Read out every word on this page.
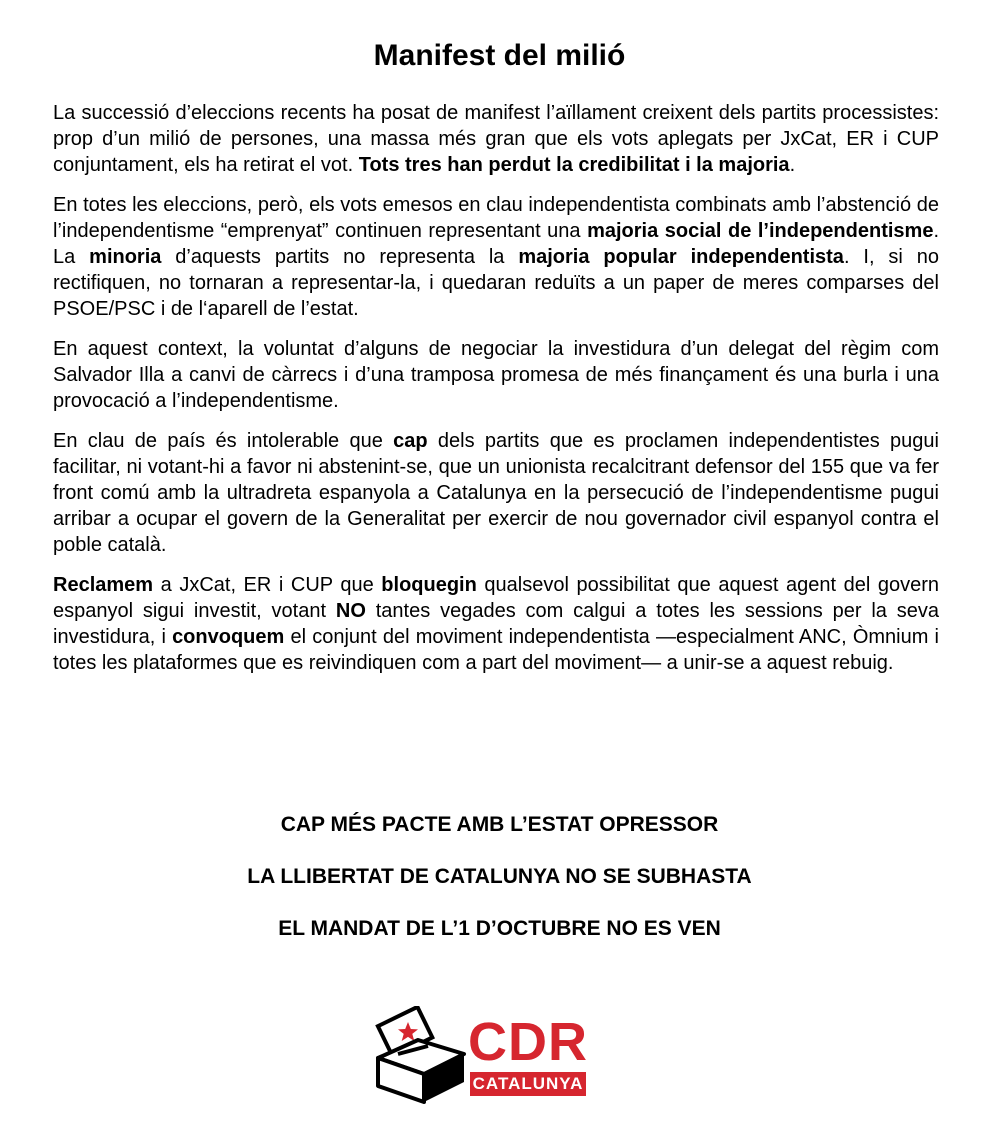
Manifest del milió

La successió d’eleccions recents ha posat de manifest l’aïllament creixent dels partits processistes: prop d’un milió de persones, una massa més gran que els vots aplegats per JxCat, ER i CUP conjuntament, els ha retirat el vot. Tots tres han perdut la credibilitat i la majoria.

En totes les eleccions, però, els vots emesos en clau independentista combinats amb l’abstenció de l’independentisme “emprenyat” continuen representant una majoria social de l’independentisme. La minoria d’aquests partits no representa la majoria popular independentista. I, si no rectifiquen, no tornaran a representar-la, i quedaran reduïts a un paper de meres comparses del PSOE/PSC i de l‘aparell de l’estat.

En aquest context, la voluntat d’alguns de negociar la investidura d’un delegat del règim com Salvador Illa a canvi de càrrecs i d’una tramposa promesa de més finançament és una burla i una provocació a l’independentisme.

En clau de país és intolerable que cap dels partits que es proclamen independentistes pugui facilitar, ni votant-hi a favor ni abstenint-se, que un unionista recalcitrant defensor del 155 que va fer front comú amb la ultradreta espanyola a Catalunya en la persecució de l’independentisme pugui arribar a ocupar el govern de la Generalitat per exercir de nou governador civil espanyol contra el poble català.

Reclamem a JxCat, ER i CUP que bloquegin qualsevol possibilitat que aquest agent del govern espanyol sigui investit, votant NO tantes vegades com calgui a totes les sessions per la seva investidura, i convoquem el conjunt del moviment independentista —especialment ANC, Òmnium i totes les plataformes que es reivindiquen com a part del moviment— a unir-se a aquest rebuig.

CAP MÉS PACTE AMB L’ESTAT OPRESSOR
LA LLIBERTAT DE CATALUNYA NO SE SUBHASTA
EL MANDAT DE L’1 D’OCTUBRE NO ES VEN
CDR
CATALUNYA
